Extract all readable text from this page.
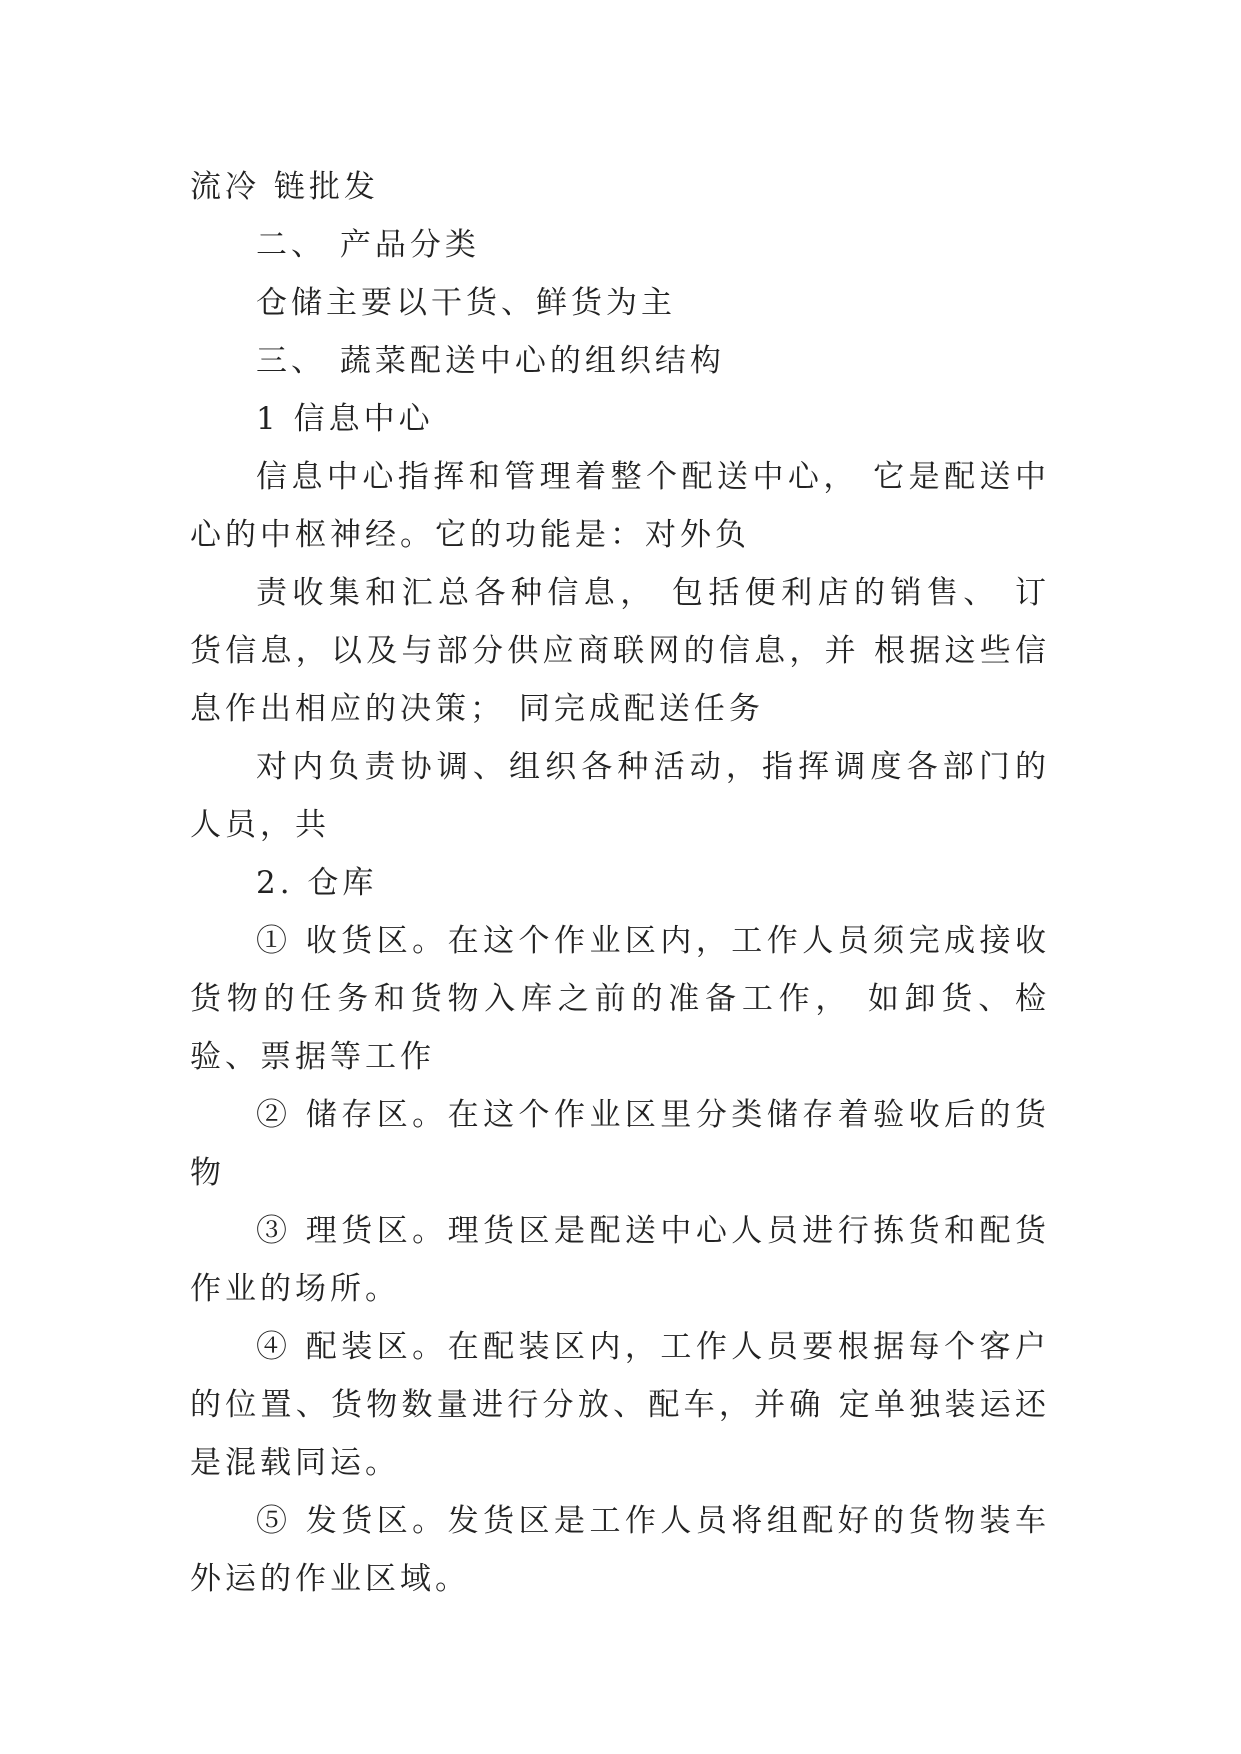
流冷 链批发

二、 产品分类

仓储主要以干货、鲜货为主

三、 蔬菜配送中心的组织结构

1 信息中心

信息中心指挥和管理着整个配送中心， 它是配送中心的中枢神经。它的功能是：对外负

责收集和汇总各种信息， 包括便利店的销售、 订货信息，以及与部分供应商联网的信息，并 根据这些信息作出相应的决策； 同完成配送任务

对内负责协调、组织各种活动，指挥调度各部门的人员，共

2. 仓库

① 收货区。在这个作业区内，工作人员须完成接收货物的任务和货物入库之前的准备工作， 如卸货、检验、票据等工作

② 储存区。在这个作业区里分类储存着验收后的货物

③ 理货区。理货区是配送中心人员进行拣货和配货作业的场所。

④ 配装区。在配装区内，工作人员要根据每个客户的位置、货物数量进行分放、配车，并确 定单独装运还是混载同运。

⑤ 发货区。发货区是工作人员将组配好的货物装车外运的作业区域。
